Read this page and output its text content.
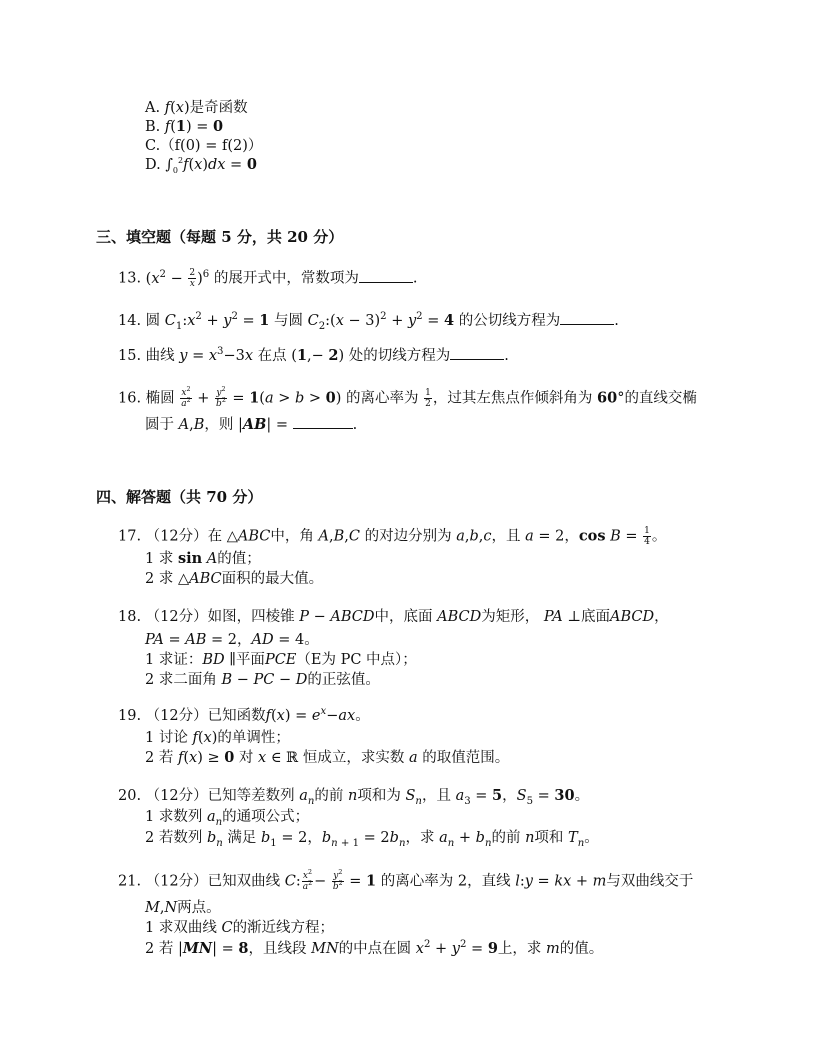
A. f(x)是奇函数
B. f(1) = 0
C.（f(0) = f(2)）
D. $\int_0^2f(x)dx = 0$
三、填空题（每题 5 分，共 20 分）
13. $(x^2 - \frac{2}{x} )^6$ 的展开式中，常数项为	.
14. 圆 $C_1:x^2 + y^2 = 1$ 与圆 $C_2:(x - 3)^2 + y^2 = 4$ 的公切线方程为	.
15. 曲线 $y = x^3-3x$ 在点 (1,− 2) 处的切线方程为	.
16. 椭圆 $\frac{x^2}{a^2} + \frac{y^2}{b^2} = 1(a > b > 0)$ 的离心率为 $\frac{1}{2}$ ，过其左焦点作倾斜角为 60°的直线交椭
圆于 A,B，则 |AB| =	.
四、解答题（共 70 分）
17. （12分）在 △ABC中，角 A,B,C 的对边分别为 a,b,c，且 a = 2，$\cos B = \frac{1}{4}$ 。
1 求 sin A的值；
2 求 △ABC面积的最大值。
18. （12分）如图，四棱锥 P − ABCD中，底面 ABCD为矩形， PA ⊥底面ABCD，
PA = AB = 2，AD = 4。
1 求证：BD ∥平面PCE（E为 PC 中点）；
2 求二面角 B − PC − D的正弦值。
19. （12分）已知函数$f(x) = e^x-ax$。
1 讨论 f(x)的单调性；
2 若 f(x) ≥ 0 对 x ∈ ℝ 恒成立，求实数 a 的取值范围。
20. （12分）已知等差数列 $a_n$的前 n项和为 $S_n$，且 $a_3 = 5$，$S_5 = 30$。
1 求数列 $a_n$的通项公式；
2 若数列 $b_n$ 满足 $b_1 = 2$，$b_{n + 1} = 2b_n$，求 $a_n + b_n$的前 n项和 $T_n$。
21. （12分）已知双曲线 C: $\frac{x^2}{a^2} - \frac{y^2}{b^2} = 1$ 的离心率为 2，直线 l:y = kx + m与双曲线交于
M,N两点。
1 求双曲线 C的渐近线方程；
2 若 |MN| = 8，且线段 MN的中点在圆 $x^2 + y^2 = 9$上，求 m的值。
